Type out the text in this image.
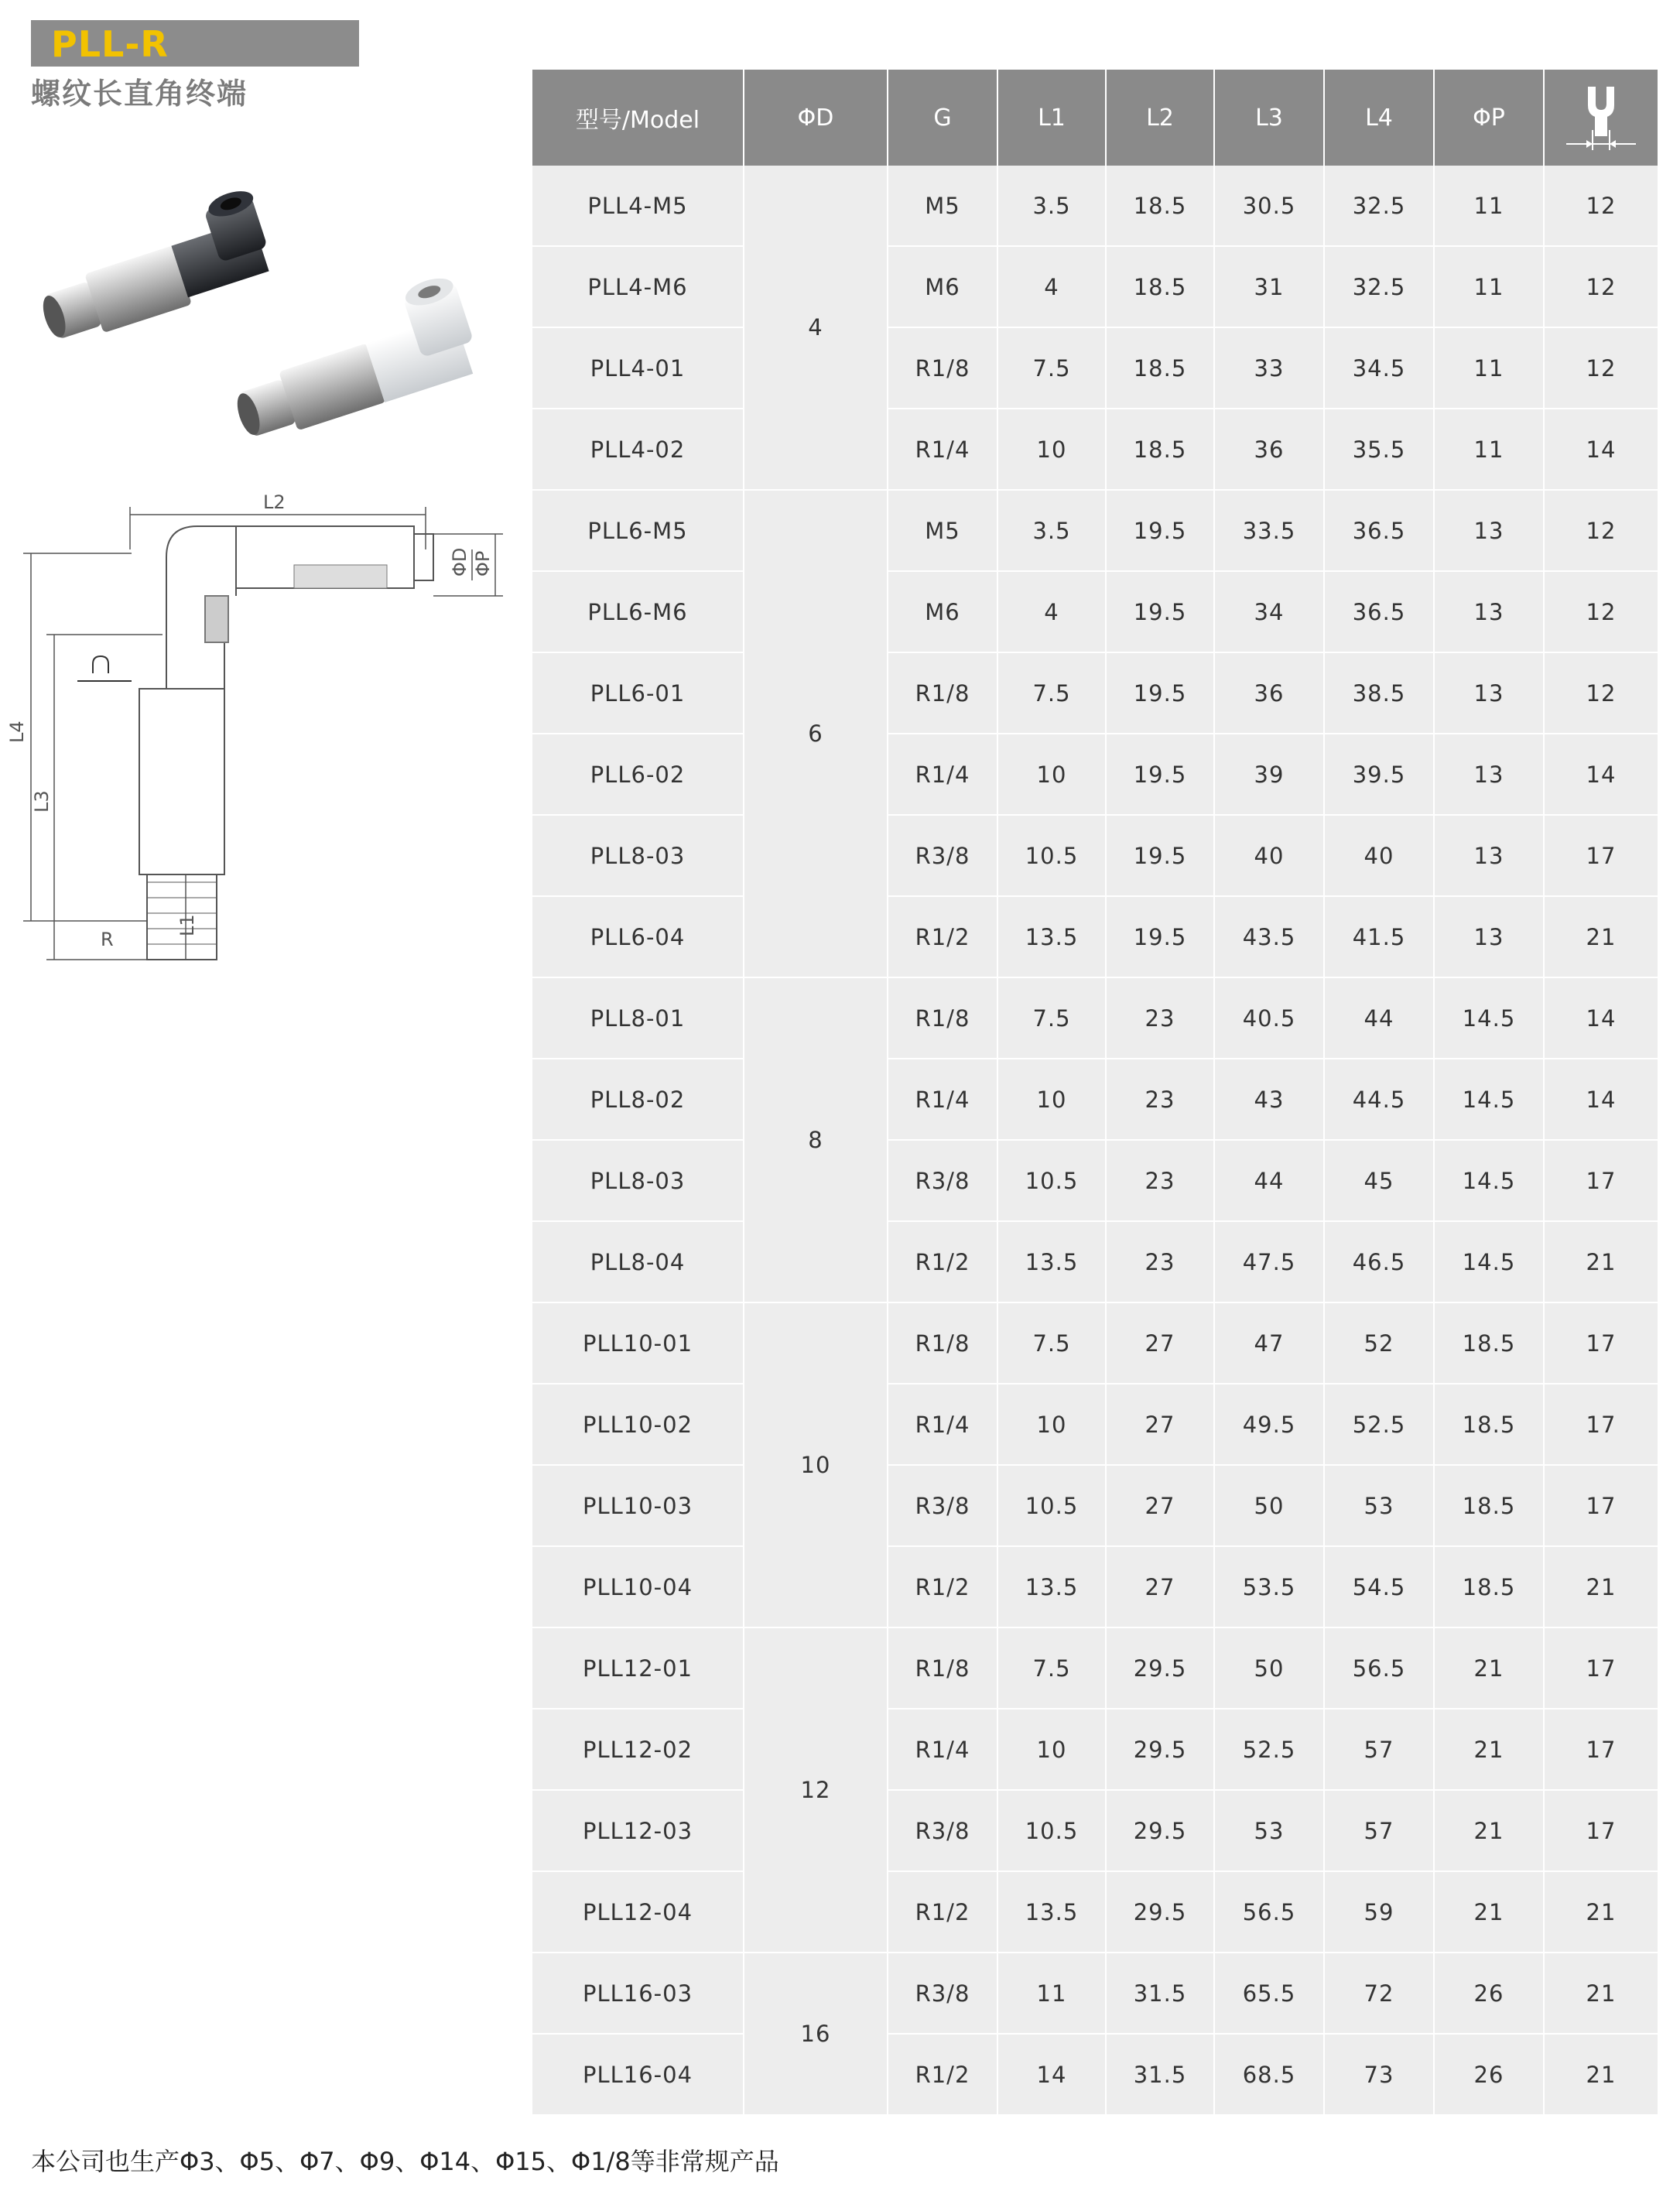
PLL-R
螺纹长直角终端
L2
L4
L3
L1
ΦD ΦP
R
型号/Model	ΦD	G	L1	L2	L3	L4	ΦP	
PLL4-M5	4	M5	3.5	18.5	30.5	32.5	11	12
PLL4-M6		M6	4	18.5	31	32.5	11	12
PLL4-01		R1/8	7.5	18.5	33	34.5	11	12
PLL4-02		R1/4	10	18.5	36	35.5	11	14
PLL6-M5	6	M5	3.5	19.5	33.5	36.5	13	12
PLL6-M6		M6	4	19.5	34	36.5	13	12
PLL6-01		R1/8	7.5	19.5	36	38.5	13	12
PLL6-02		R1/4	10	19.5	39	39.5	13	14
PLL8-03		R3/8	10.5	19.5	40	40	13	17
PLL6-04		R1/2	13.5	19.5	43.5	41.5	13	21
PLL8-01	8	R1/8	7.5	23	40.5	44	14.5	14
PLL8-02		R1/4	10	23	43	44.5	14.5	14
PLL8-03		R3/8	10.5	23	44	45	14.5	17
PLL8-04		R1/2	13.5	23	47.5	46.5	14.5	21
PLL10-01	10	R1/8	7.5	27	47	52	18.5	17
PLL10-02		R1/4	10	27	49.5	52.5	18.5	17
PLL10-03		R3/8	10.5	27	50	53	18.5	17
PLL10-04		R1/2	13.5	27	53.5	54.5	18.5	21
PLL12-01	12	R1/8	7.5	29.5	50	56.5	21	17
PLL12-02		R1/4	10	29.5	52.5	57	21	17
PLL12-03		R3/8	10.5	29.5	53	57	21	17
PLL12-04		R1/2	13.5	29.5	56.5	59	21	21
PLL16-03	16	R3/8	11	31.5	65.5	72	26	21
PLL16-04		R1/2	14	31.5	68.5	73	26	21
本公司也生产Φ3、Φ5、Φ7、Φ9、Φ14、Φ15、Φ1/8等非常规产品
